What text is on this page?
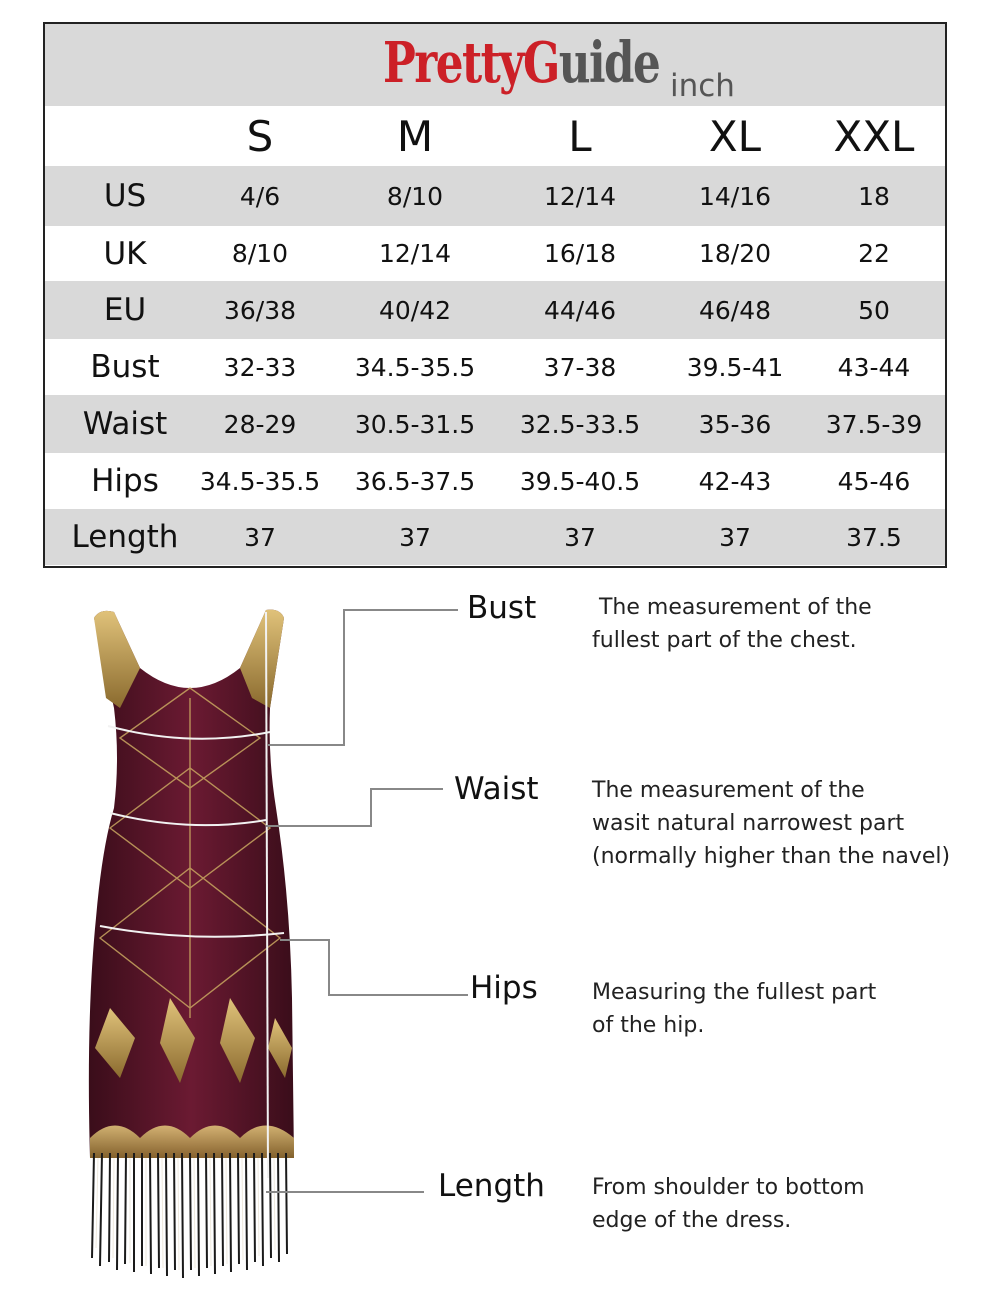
PrettyGuide inch
S	M	L	XL	XXL
US	4/6	8/10	12/14	14/16	18
UK	8/10	12/14	16/18	18/20	22
EU	36/38	40/42	44/46	46/48	50
Bust	32-33	34.5-35.5	37-38	39.5-41	43-44
Waist	28-29	30.5-31.5	32.5-33.5	35-36	37.5-39
Hips	34.5-35.5	36.5-37.5	39.5-40.5	42-43	45-46
Length	37	37	37	37	37.5
Bust	The measurement of the
fullest part of the chest.
Waist The measurement of the
wasit natural narrowest part
(normally higher than the navel)
Hips Measuring the fullest part
of the hip.
Length From shoulder to bottom
edge of the dress.
